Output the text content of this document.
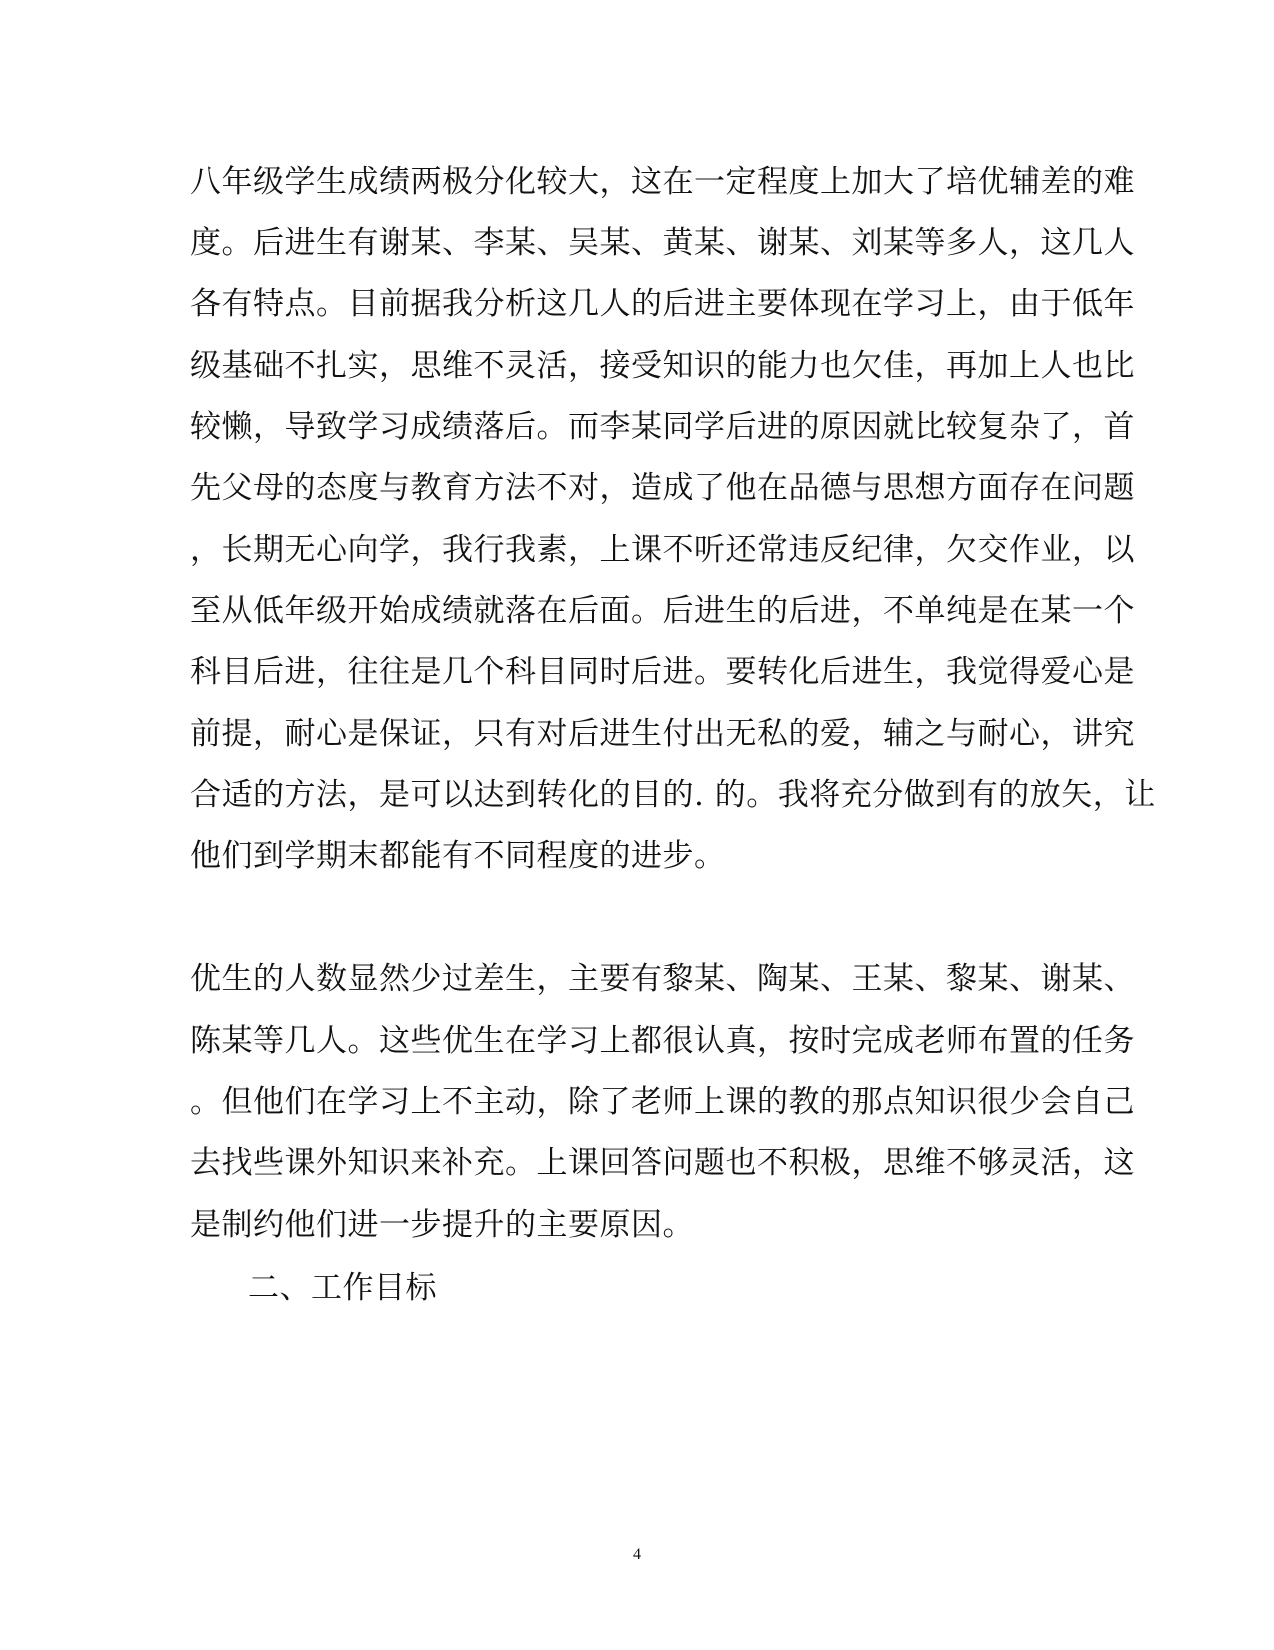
八年级学生成绩两极分化较大，这在一定程度上加大了培优辅差的难
度。后进生有谢某、李某、吴某、黄某、谢某、刘某等多人，这几人
各有特点。目前据我分析这几人的后进主要体现在学习上，由于低年
级基础不扎实，思维不灵活，接受知识的能力也欠佳，再加上人也比
较懒，导致学习成绩落后。而李某同学后进的原因就比较复杂了，首
先父母的态度与教育方法不对，造成了他在品德与思想方面存在问题
，长期无心向学，我行我素，上课不听还常违反纪律，欠交作业，以
至从低年级开始成绩就落在后面。后进生的后进，不单纯是在某一个
科目后进，往往是几个科目同时后进。要转化后进生，我觉得爱心是
前提，耐心是保证，只有对后进生付出无私的爱，辅之与耐心，讲究
合适的方法，是可以达到转化的目的. 的。我将充分做到有的放矢，让
他们到学期末都能有不同程度的进步。
优生的人数显然少过差生，主要有黎某、陶某、王某、黎某、谢某、
陈某等几人。这些优生在学习上都很认真，按时完成老师布置的任务
。但他们在学习上不主动，除了老师上课的教的那点知识很少会自己
去找些课外知识来补充。上课回答问题也不积极，思维不够灵活，这
是制约他们进一步提升的主要原因。
二、工作目标
4
